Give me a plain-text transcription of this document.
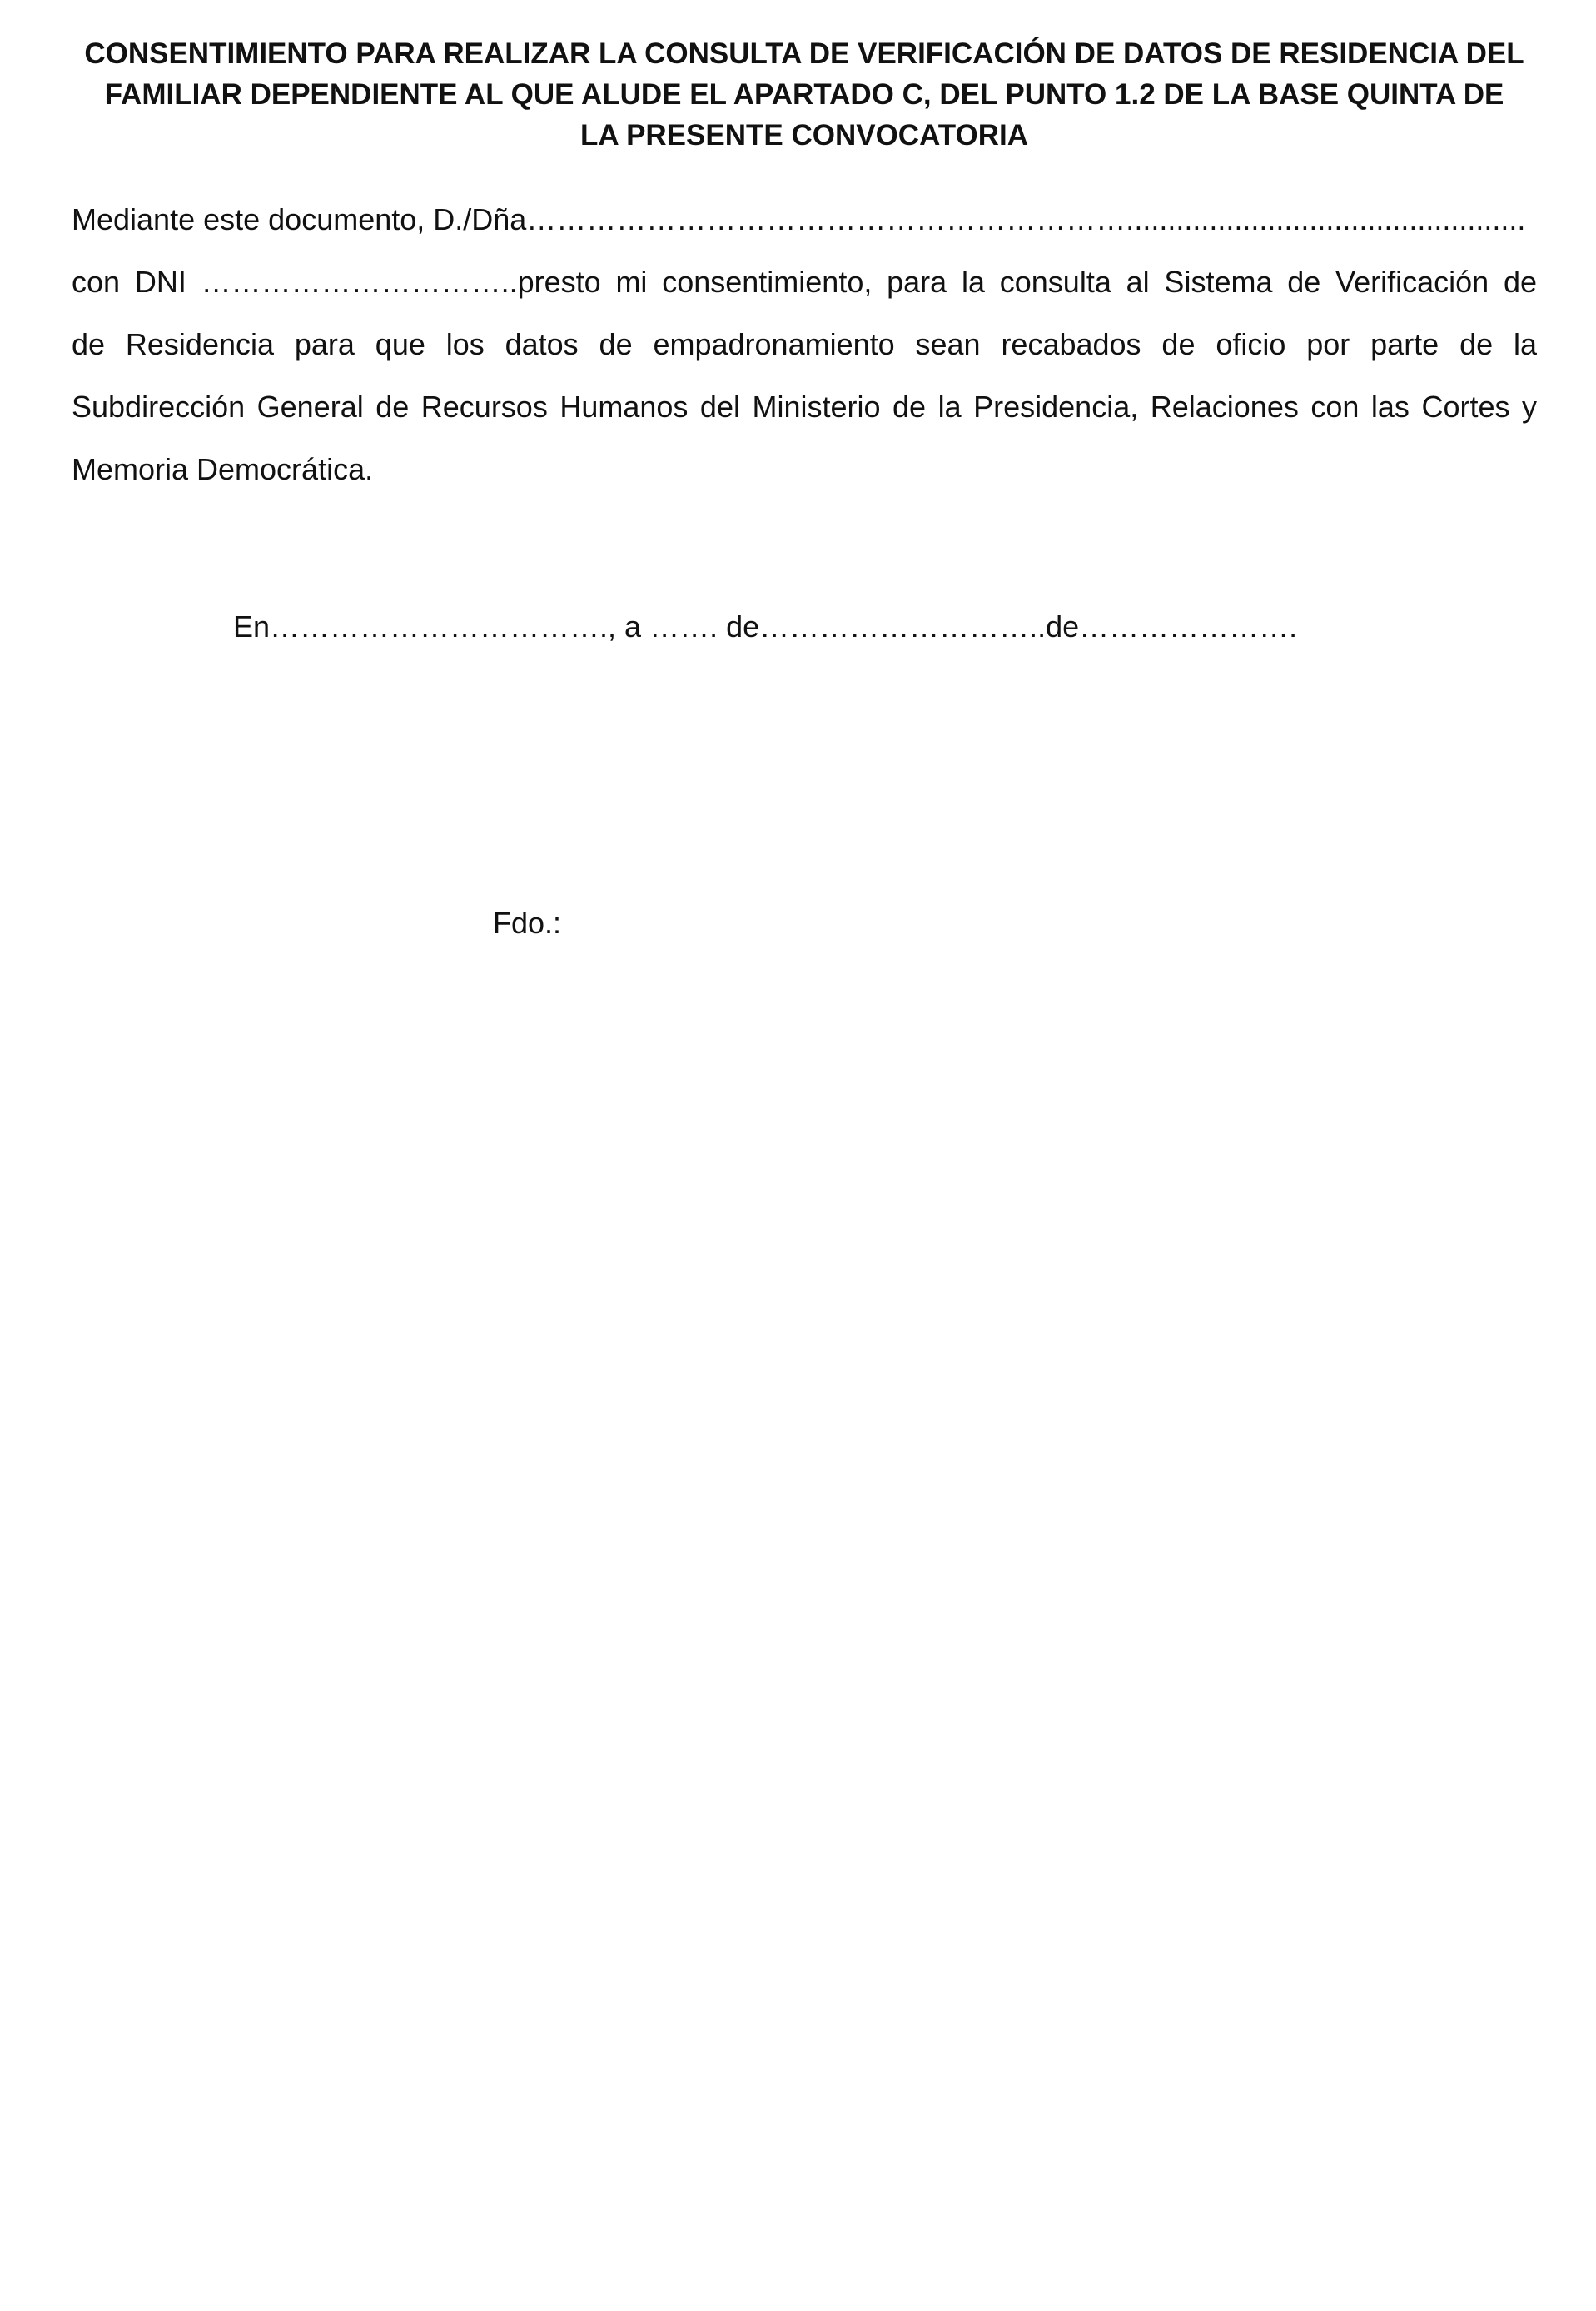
CONSENTIMIENTO PARA REALIZAR LA CONSULTA DE VERIFICACIÓN DE DATOS DE RESIDENCIA DEL
FAMILIAR DEPENDIENTE AL QUE ALUDE EL APARTADO C, DEL PUNTO 1.2 DE LA BASE QUINTA DE
LA PRESENTE CONVOCATORIA
Mediante este documento, D./Dña……………………………………………………................................................
con DNI …………………………..presto mi consentimiento, para la consulta al Sistema de Verificación de
de Residencia para que los datos de empadronamiento sean recabados de oficio por parte de la
Subdirección General de Recursos Humanos del Ministerio de la Presidencia, Relaciones con las Cortes y
Memoria Democrática.
En……………………………., a ……. de………………………..de………………….
Fdo.:
